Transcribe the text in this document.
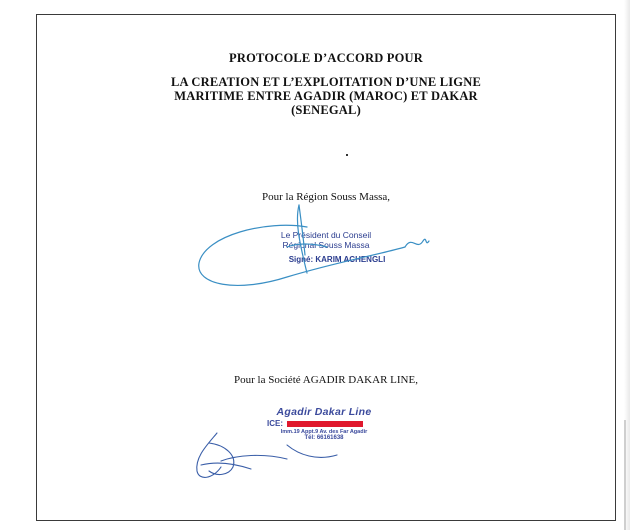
PROTOCOLE D’ACCORD POUR
LA CREATION ET L’EXPLOITATION D’UNE LIGNE
MARITIME ENTRE AGADIR (MAROC) ET DAKAR
(SENEGAL)
Pour la Région Souss Massa,
Le Président du Conseil
Régional Souss Massa
Signé: KARIM ACHENGLI
Pour la Société AGADIR DAKAR LINE,
Agadir Dakar Line
ICE:
Imm.19 Appt.9 Av. des Far Agadir
Tél: 66161638
